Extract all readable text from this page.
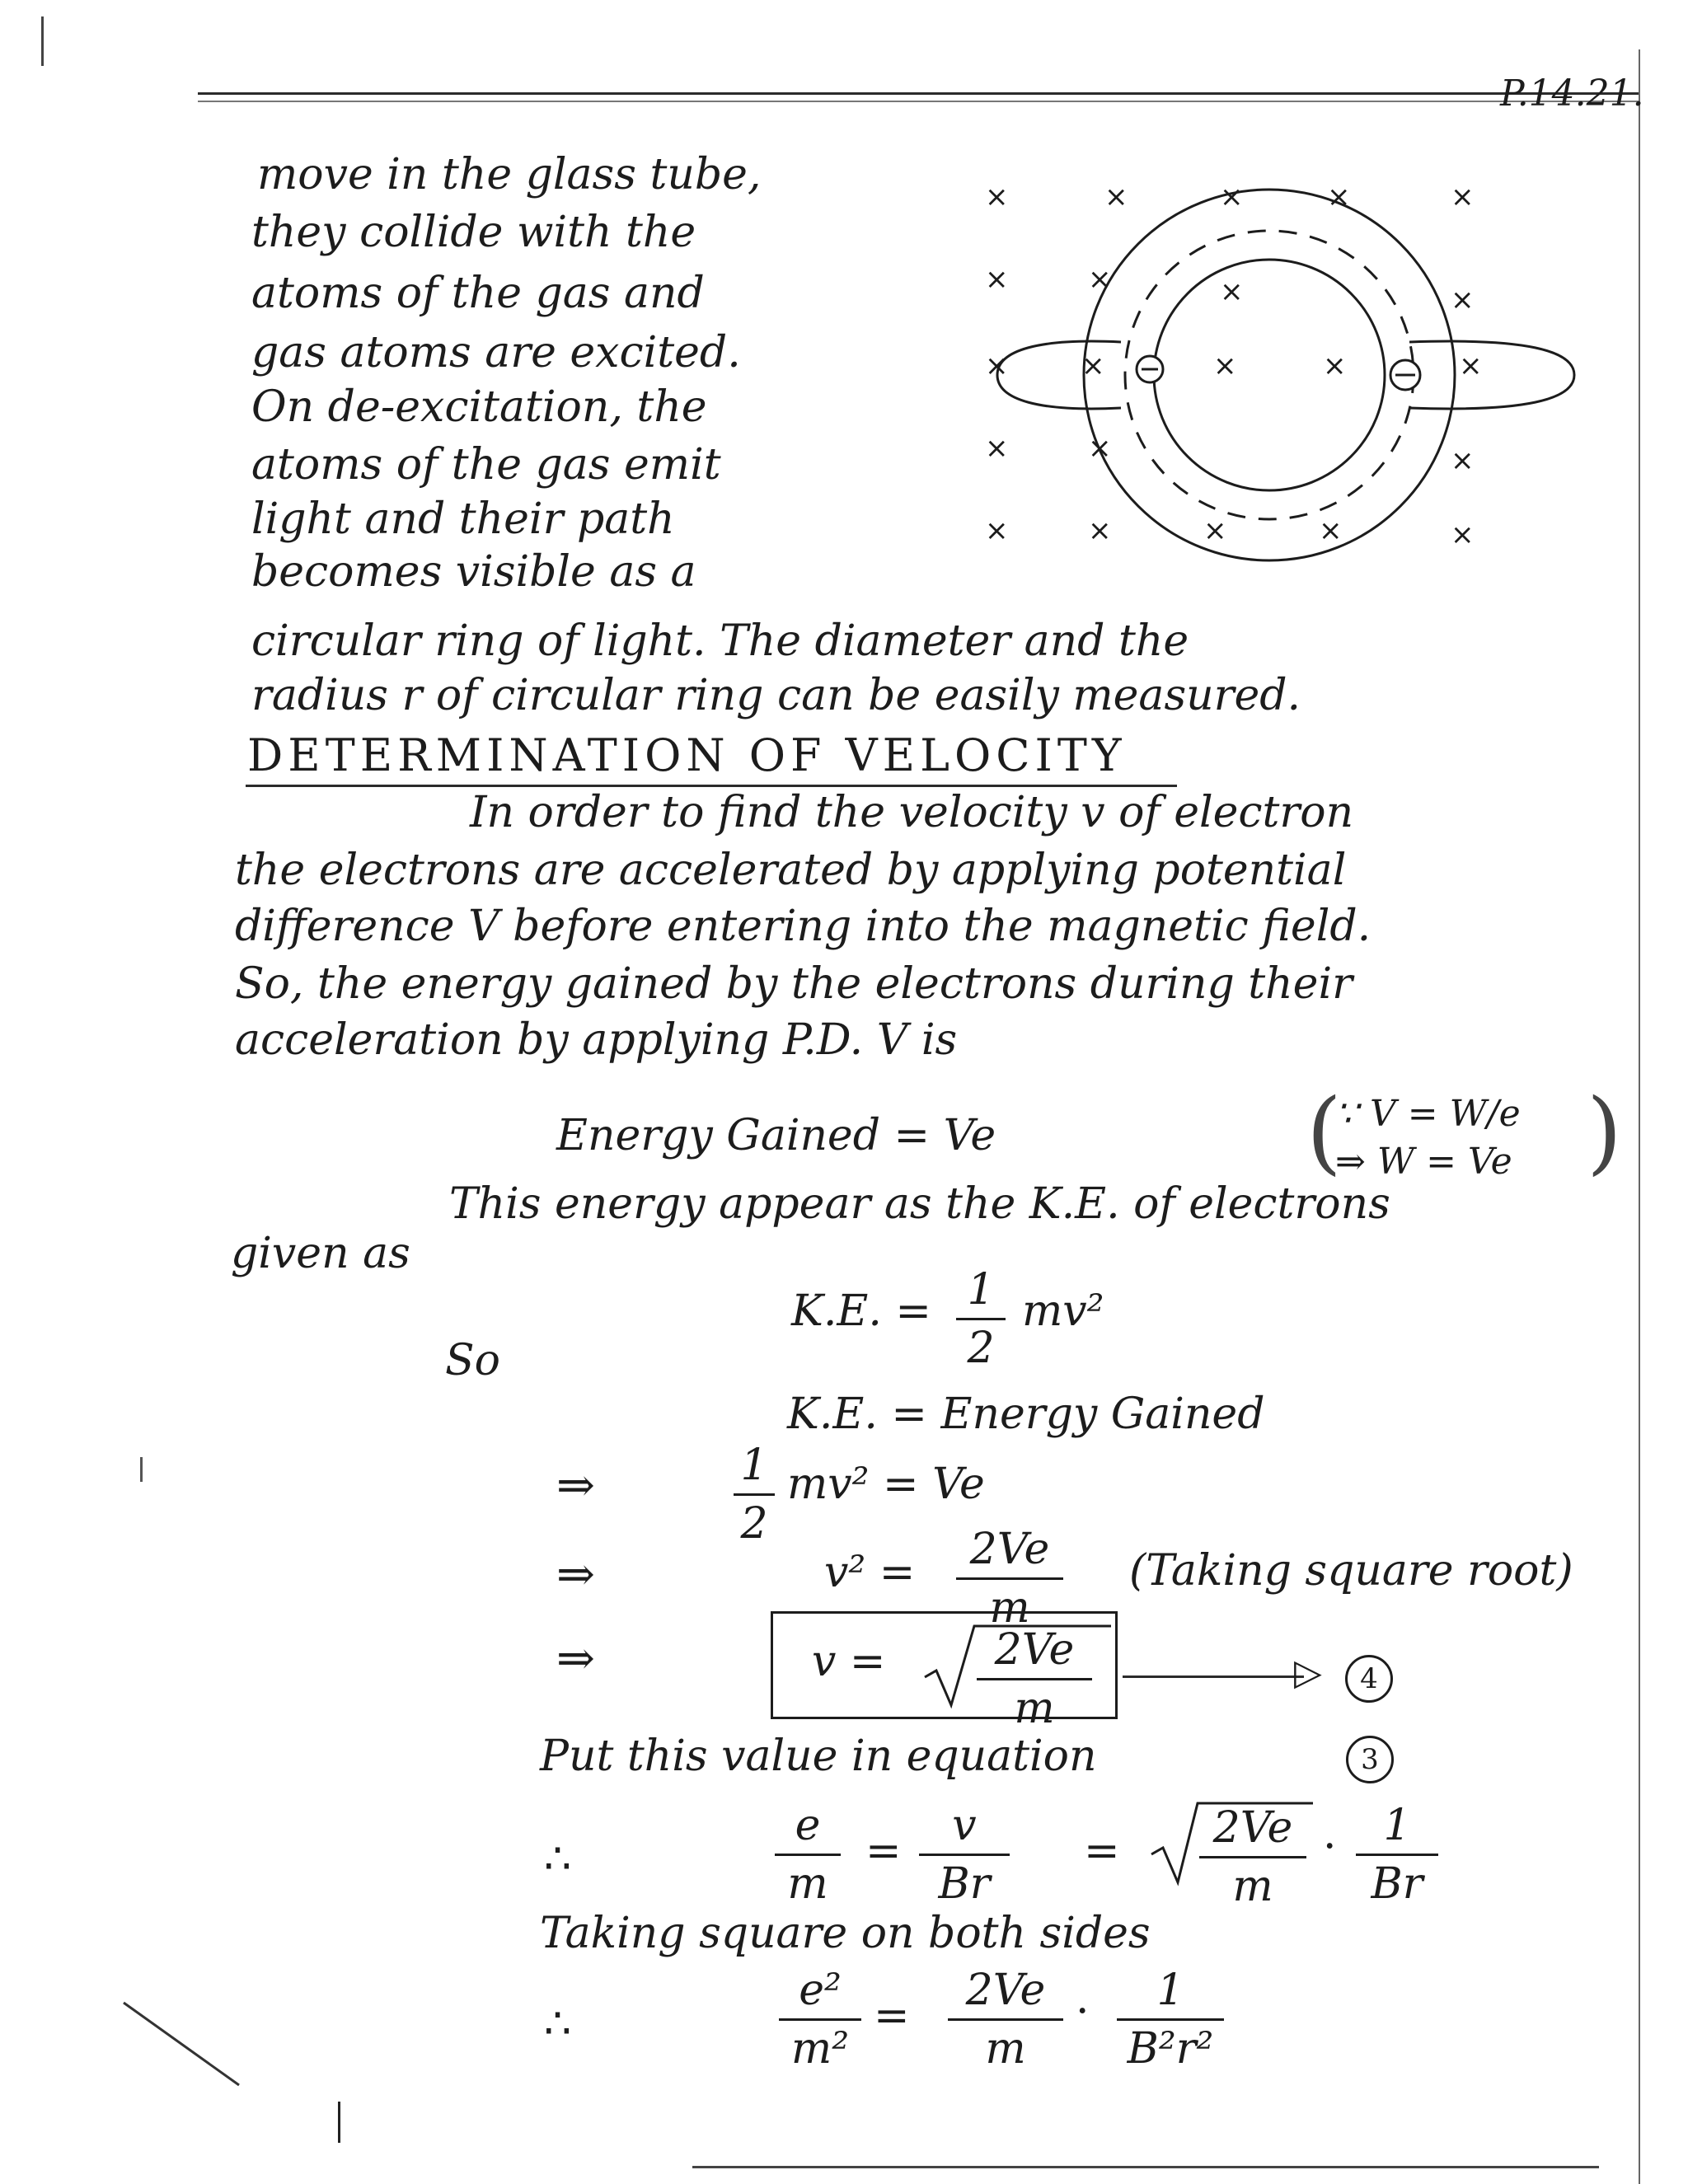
P.14.21.
move in the glass tube,
they collide with the
atoms of the gas and
gas atoms are excited.
On de-excitation, the
atoms of the gas emit
light and their path
becomes visible as a
circular ring of light. The diameter and the
radius r of circular ring can be easily measured.
×	×	×	×	×
×	×	×	×
×	×	×	×	×
×	×	×
×	×	×	×	×
DETERMINATION OF VELOCITY
In order to find the velocity v of electron
the electrons are accelerated by applying potential
difference V before entering into the magnetic field.
So, the energy gained by the electrons during their
acceleration by applying P.D. V is
Energy Gained = Ve	∵ V = W/e
⇒ W = Ve
(	)
This energy appear as the K.E. of electrons
given as
K.E. = 1
2
mv²
So
K.E. = Energy Gained
⇒	1
2
mv² = Ve
⇒	v² =	2Ve
m
(Taking square root)
⇒	v =	2Ve
m
▷	4
Put this value in equation	3
∴
e
m
=
v
Br
=	2Ve
m
·	1
Br
Taking square on both sides
∴
e²
m²
=
2Ve
m
·	1
B²r²
